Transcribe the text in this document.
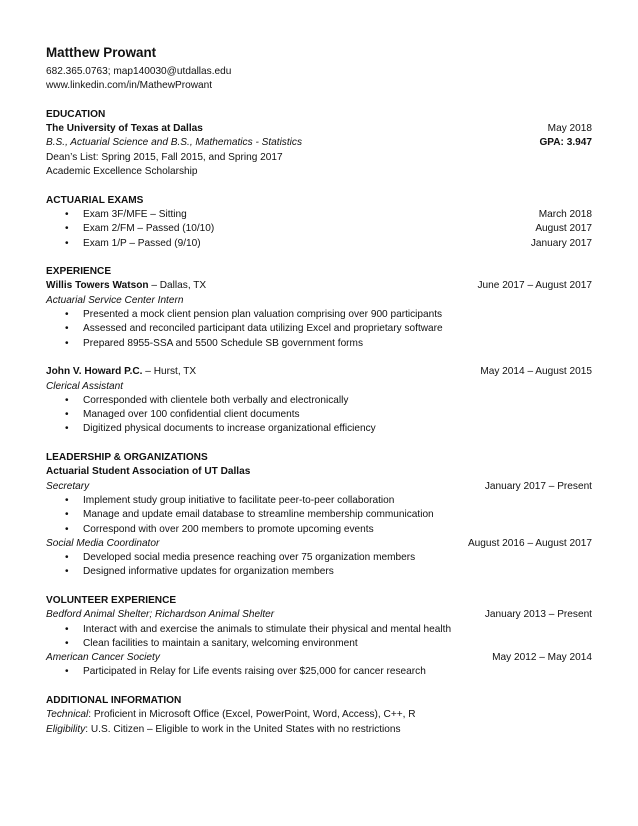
Matthew Prowant
682.365.0763; map140030@utdallas.edu
www.linkedin.com/in/MathewProwant
EDUCATION
The University of Texas at Dallas	May 2018
B.S., Actuarial Science and B.S., Mathematics - Statistics	GPA: 3.947
Dean’s List: Spring 2015, Fall 2015, and Spring 2017
Academic Excellence Scholarship
ACTUARIAL EXAMS
• Exam 3F/MFE – Sitting	March 2018
• Exam 2/FM – Passed (10/10)	August 2017
• Exam 1/P – Passed (9/10)	January 2017
EXPERIENCE
Willis Towers Watson – Dallas, TX	June 2017 – August 2017
Actuarial Service Center Intern
• Presented a mock client pension plan valuation comprising over 900 participants
• Assessed and reconciled participant data utilizing Excel and proprietary software
• Prepared 8955-SSA and 5500 Schedule SB government forms
John V. Howard P.C. – Hurst, TX	May 2014 – August 2015
Clerical Assistant
• Corresponded with clientele both verbally and electronically
• Managed over 100 confidential client documents
• Digitized physical documents to increase organizational efficiency
LEADERSHIP & ORGANIZATIONS
Actuarial Student Association of UT Dallas
Secretary	January 2017 – Present
• Implement study group initiative to facilitate peer-to-peer collaboration
• Manage and update email database to streamline membership communication
• Correspond with over 200 members to promote upcoming events
Social Media Coordinator	August 2016 – August 2017
• Developed social media presence reaching over 75 organization members
• Designed informative updates for organization members
VOLUNTEER EXPERIENCE
Bedford Animal Shelter; Richardson Animal Shelter	January 2013 – Present
• Interact with and exercise the animals to stimulate their physical and mental health
• Clean facilities to maintain a sanitary, welcoming environment
American Cancer Society	May 2012 – May 2014
• Participated in Relay for Life events raising over $25,000 for cancer research
ADDITIONAL INFORMATION
Technical: Proficient in Microsoft Office (Excel, PowerPoint, Word, Access), C++, R
Eligibility: U.S. Citizen – Eligible to work in the United States with no restrictions
